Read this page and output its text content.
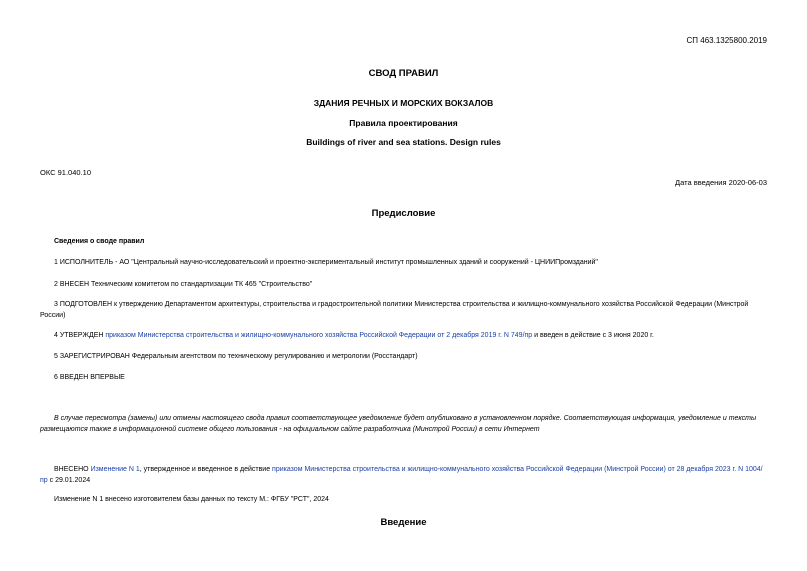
СП 463.1325800.2019
СВОД ПРАВИЛ
ЗДАНИЯ РЕЧНЫХ И МОРСКИХ ВОКЗАЛОВ
Правила проектирования
Buildings of river and sea stations. Design rules
ОКС 91.040.10
Дата введения 2020-06-03
Предисловие
Сведения о своде правил
1 ИСПОЛНИТЕЛЬ - АО "Центральный научно-исследовательский и проектно-экспериментальный институт промышленных зданий и сооружений - ЦНИИПромзданий"
2 ВНЕСЕН Техническим комитетом по стандартизации ТК 465 "Строительство"
3 ПОДГОТОВЛЕН к утверждению Департаментом архитектуры, строительства и градостроительной политики Министерства строительства и жилищно-коммунального хозяйства Российской Федерации (Минстрой России)
4 УТВЕРЖДЕН приказом Министерства строительства и жилищно-коммунального хозяйства Российской Федерации от 2 декабря 2019 г. N 749/пр и введен в действие с 3 июня 2020 г.
5 ЗАРЕГИСТРИРОВАН Федеральным агентством по техническому регулированию и метрологии (Росстандарт)
6 ВВЕДЕН ВПЕРВЫЕ
В случае пересмотра (замены) или отмены настоящего свода правил соответствующее уведомление будет опубликовано в установленном порядке. Соответствующая информация, уведомление и тексты размещаются также в информационной системе общего пользования - на официальном сайте разработчика (Минстрой России) в сети Интернет
ВНЕСЕНО Изменение N 1, утвержденное и введенное в действие приказом Министерства строительства и жилищно-коммунального хозяйства Российской Федерации (Минстрой России) от 28 декабря 2023 г. N 1004/пр с 29.01.2024
Изменение N 1 внесено изготовителем базы данных по тексту М.: ФГБУ "РСТ", 2024
Введение
